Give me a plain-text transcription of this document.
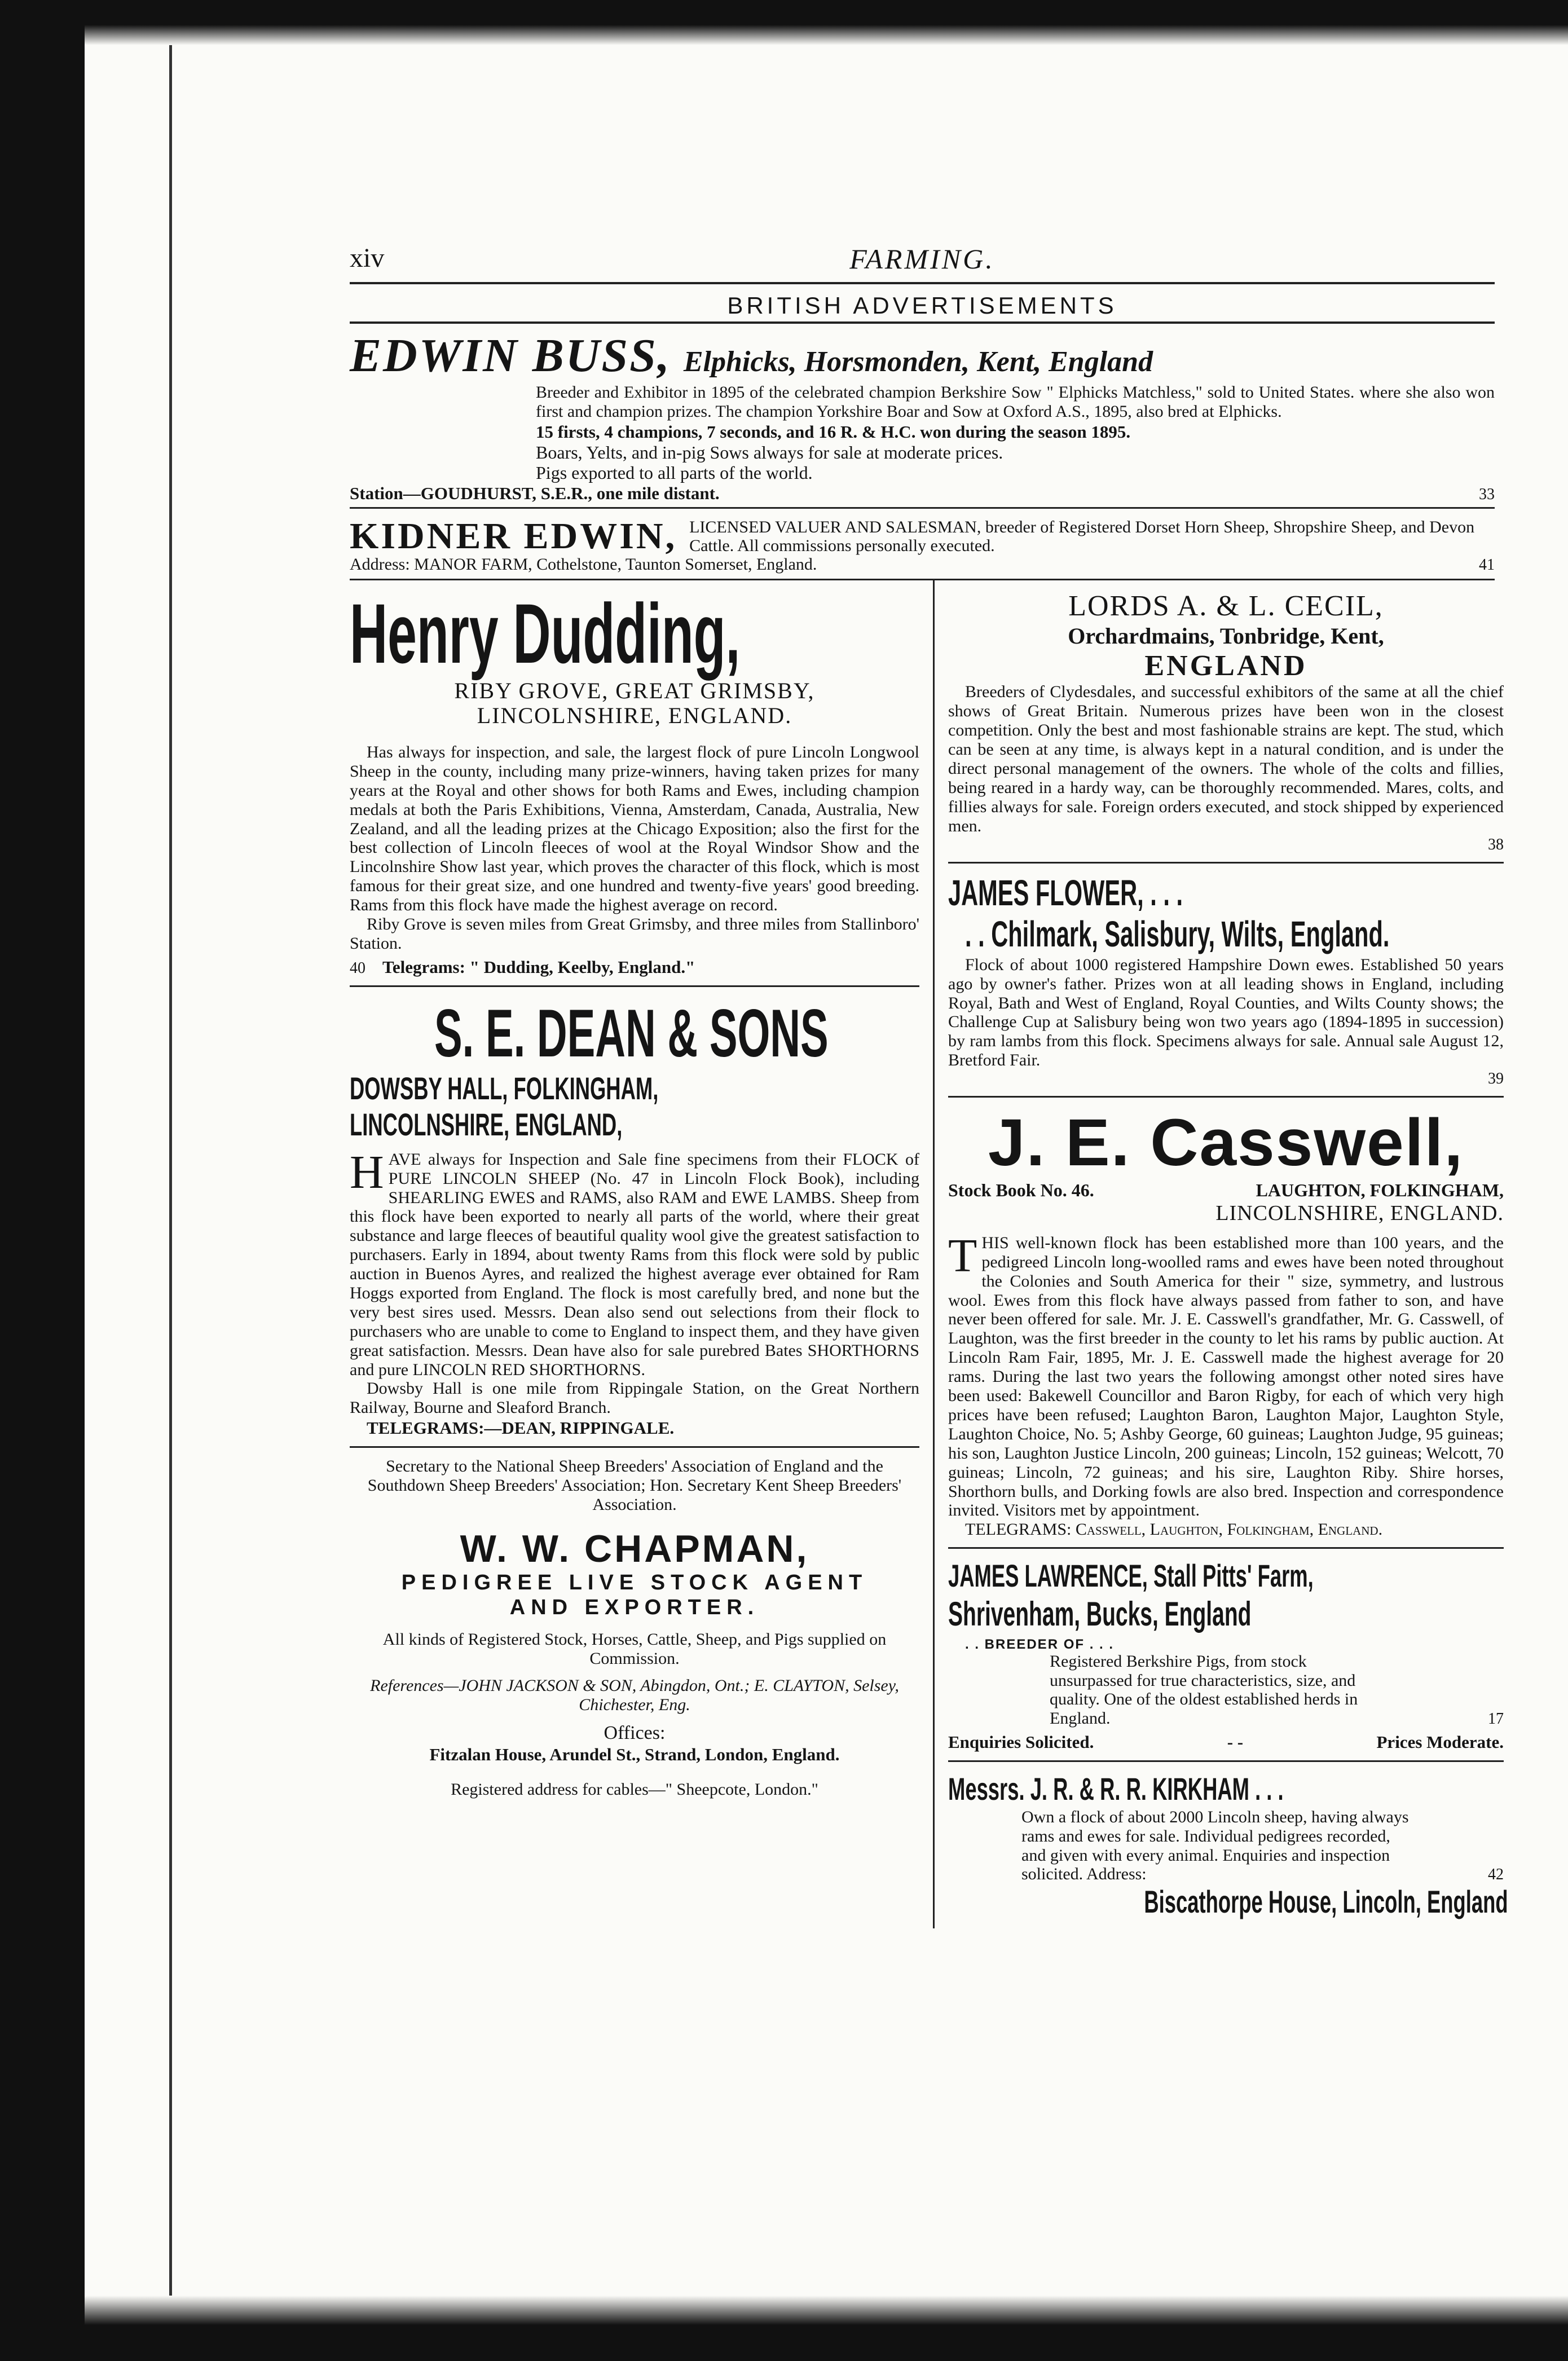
xiv	FARMING.
BRITISH ADVERTISEMENTS
EDWIN BUSS, Elphicks, Horsmonden, Kent, England

Breeder and Exhibitor in 1895 of the celebrated champion Berkshire Sow " Elphicks Matchless," sold to United States. where she also won first and champion prizes. The champion Yorkshire Boar and Sow at Oxford A.S., 1895, also bred at Elphicks.

15 firsts, 4 champions, 7 seconds, and 16 R. & H.C. won during the season 1895.

Boars, Yelts, and in-pig Sows always for sale at moderate prices.

Pigs exported to all parts of the world.

Station—GOUDHURST, S.E.R., one mile distant.	33
KIDNER EDWIN, LICENSED VALUER AND SALESMAN, breeder of Registered Dorset Horn Sheep, Shropshire Sheep, and Devon Cattle. All commissions personally executed.
Address: MANOR FARM, Cothelstone, Taunton Somerset, England.	41
Henry Dudding,
RIBY GROVE, GREAT GRIMSBY,
LINCOLNSHIRE, ENGLAND.

Has always for inspection, and sale, the largest flock of pure Lincoln Longwool Sheep in the county, including many prize-winners, having taken prizes for many years at the Royal and other shows for both Rams and Ewes, including champion medals at both the Paris Exhibitions, Vienna, Amsterdam, Canada, Australia, New Zealand, and all the leading prizes at the Chicago Exposition; also the first for the best collection of Lincoln fleeces of wool at the Royal Windsor Show and the Lincolnshire Show last year, which proves the character of this flock, which is most famous for their great size, and one hundred and twenty-five years' good breeding. Rams from this flock have made the highest average on record.

Riby Grove is seven miles from Great Grimsby, and three miles from Stallinboro' Station.

40 Telegrams: " Dudding, Keelby, England."
S. E. DEAN & SONS
DOWSBY HALL, FOLKINGHAM,
LINCOLNSHIRE, ENGLAND,
H AVE always for Inspection and Sale fine specimens from their FLOCK of PURE LINCOLN SHEEP (No. 47 in Lincoln Flock Book), including SHEARLING EWES and RAMS, also RAM and EWE LAMBS. Sheep from this flock have been exported to nearly all parts of the world, where their great substance and large fleeces of beautiful quality wool give the greatest satisfaction to purchasers. Early in 1894, about twenty Rams from this flock were sold by public auction in Buenos Ayres, and realized the highest average ever obtained for Ram Hoggs exported from England. The flock is most carefully bred, and none but the very best sires used. Messrs. Dean also send out selections from their flock to purchasers who are unable to come to England to inspect them, and they have given great satisfaction. Messrs. Dean have also for sale purebred Bates SHORTHORNS and pure LINCOLN RED SHORTHORNS.

Dowsby Hall is one mile from Rippingale Station, on the Great Northern Railway, Bourne and Sleaford Branch.

TELEGRAMS:—DEAN, RIPPINGALE.

Secretary to the National Sheep Breeders' Association of England and the Southdown Sheep Breeders' Association; Hon. Secretary Kent Sheep Breeders' Association.

W. W. CHAPMAN,
PEDIGREE LIVE STOCK AGENT
AND EXPORTER.

All kinds of Registered Stock, Horses, Cattle, Sheep, and Pigs supplied on Commission.

References—JOHN JACKSON & SON, Abingdon, Ont.; E. CLAYTON, Selsey, Chichester, Eng.

Offices:

Fitzalan House, Arundel St., Strand, London, England.

Registered address for cables—" Sheepcote, London."

LORDS A. & L. CECIL,
Orchardmains, Tonbridge, Kent,
ENGLAND

Breeders of Clydesdales, and successful exhibitors of the same at all the chief shows of Great Britain. Numerous prizes have been won in the closest competition. Only the best and most fashionable strains are kept. The stud, which can be seen at any time, is always kept in a natural condition, and is under the direct personal management of the owners. The whole of the colts and fillies, being reared in a hardy way, can be thoroughly recommended. Mares, colts, and fillies always for sale. Foreign orders executed, and stock shipped by experienced men.

38
JAMES FLOWER, . . .
. . Chilmark, Salisbury, Wilts, England.

Flock of about 1000 registered Hampshire Down ewes. Established 50 years ago by owner's father. Prizes won at all leading shows in England, including Royal, Bath and West of England, Royal Counties, and Wilts County shows; the Challenge Cup at Salisbury being won two years ago (1894-1895 in succession) by ram lambs from this flock. Specimens always for sale. Annual sale August 12, Bretford Fair.

39
J. E. Casswell,
Stock Book No. 46.	LAUGHTON, FOLKINGHAM,
LINCOLNSHIRE, ENGLAND.
T HIS well-known flock has been established more than 100 years, and the pedigreed Lincoln long-woolled rams and ewes have been noted throughout the Colonies and South America for their " size, symmetry, and lustrous wool. Ewes from this flock have always passed from father to son, and have never been offered for sale. Mr. J. E. Casswell's grandfather, Mr. G. Casswell, of Laughton, was the first breeder in the county to let his rams by public auction. At Lincoln Ram Fair, 1895, Mr. J. E. Casswell made the highest average for 20 rams. During the last two years the following amongst other noted sires have been used: Bakewell Councillor and Baron Rigby, for each of which very high prices have been refused; Laughton Baron, Laughton Major, Laughton Style, Laughton Choice, No. 5; Ashby George, 60 guineas; Laughton Judge, 95 guineas; his son, Laughton Justice Lincoln, 200 guineas; Lincoln, 152 guineas; Welcott, 70 guineas; Lincoln, 72 guineas; and his sire, Laughton Riby. Shire horses, Shorthorn bulls, and Dorking fowls are also bred. Inspection and correspondence invited. Visitors met by appointment.

TELEGRAMS: Casswell, Laughton, Folkingham, England.

JAMES LAWRENCE, Stall Pitts' Farm,
Shrivenham, Bucks, England

. . BREEDER OF . . .

Registered Berkshire Pigs, from stock unsurpassed for true characteristics, size, and quality. One of the oldest established herds in England.	17
Enquiries Solicited.	- -	Prices Moderate.
Messrs. J. R. & R. R. KIRKHAM . . .

Own a flock of about 2000 Lincoln sheep, having always rams and ewes for sale. Individual pedigrees recorded, and given with every animal. Enquiries and inspection solicited. Address:	42
Biscathorpe House, Lincoln, England
